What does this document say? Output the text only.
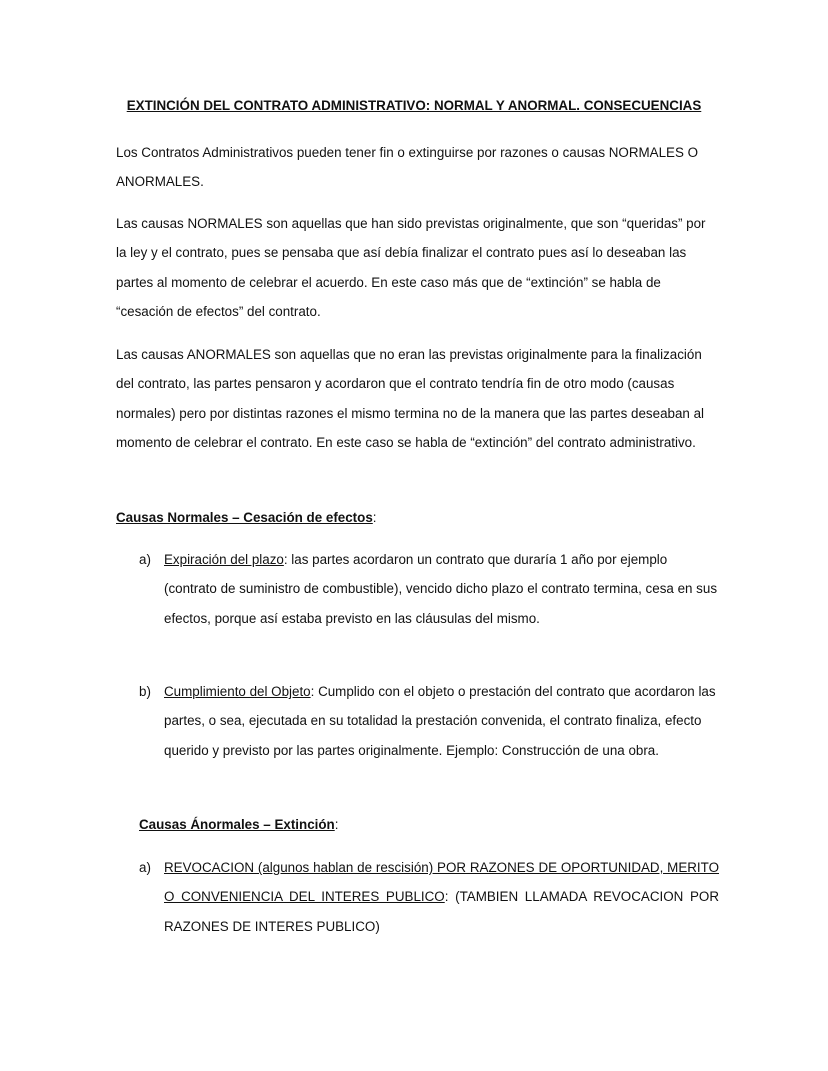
EXTINCIÓN DEL CONTRATO ADMINISTRATIVO: NORMAL Y ANORMAL. CONSECUENCIAS

Los Contratos Administrativos pueden tener fin o extinguirse por razones o causas NORMALES O ANORMALES.

Las causas NORMALES son aquellas que han sido previstas originalmente, que son “queridas” por la ley y el contrato, pues se pensaba que así debía finalizar el contrato pues así lo deseaban las partes al momento de celebrar el acuerdo. En este caso más que de “extinción” se habla de “cesación de efectos” del contrato.

Las causas ANORMALES son aquellas que no eran las previstas originalmente para la finalización del contrato, las partes pensaron y acordaron que el contrato tendría fin de otro modo (causas normales) pero por distintas razones el mismo termina no de la manera que las partes deseaban al momento de celebrar el contrato. En este caso se habla de “extinción” del contrato administrativo.

Causas Normales – Cesación de efectos:
a) Expiración del plazo: las partes acordaron un contrato que duraría 1 año por ejemplo (contrato de suministro de combustible), vencido dicho plazo el contrato termina, cesa en sus efectos, porque así estaba previsto en las cláusulas del mismo.
b) Cumplimiento del Objeto: Cumplido con el objeto o prestación del contrato que acordaron las partes, o sea, ejecutada en su totalidad la prestación convenida, el contrato finaliza, efecto querido y previsto por las partes originalmente. Ejemplo: Construcción de una obra.
Causas Ánormales – Extinción:
a) REVOCACION (algunos hablan de rescisión) POR RAZONES DE OPORTUNIDAD, MERITO O CONVENIENCIA DEL INTERES PUBLICO: (TAMBIEN LLAMADA REVOCACION POR RAZONES DE INTERES PUBLICO)
